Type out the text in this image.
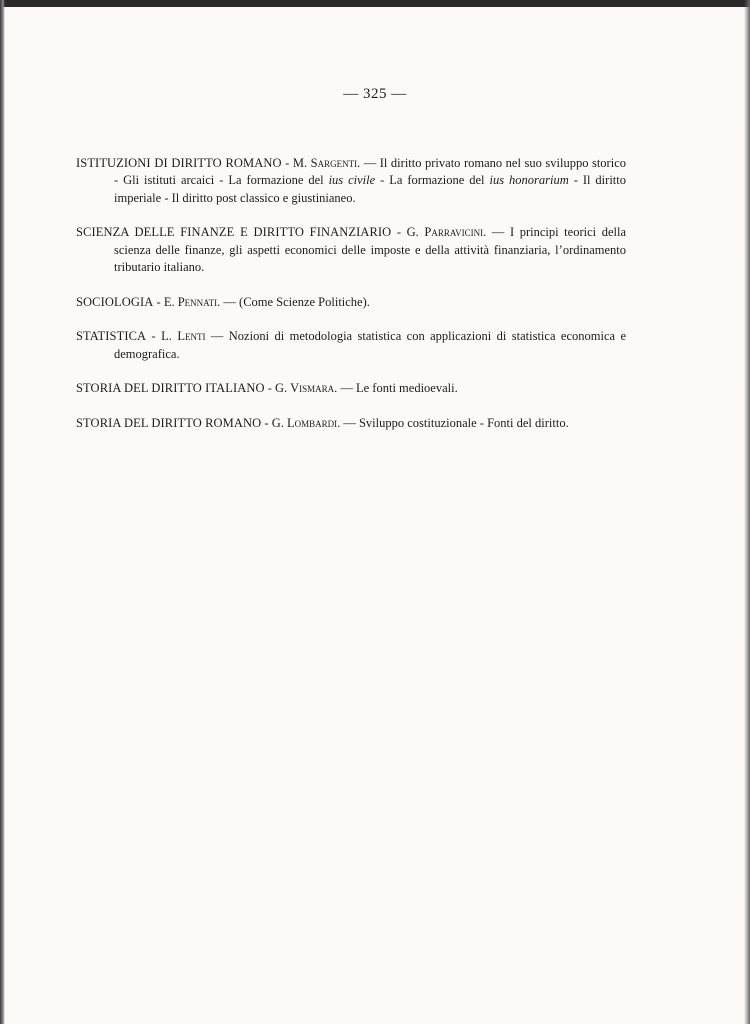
— 325 —

ISTITUZIONI DI DIRITTO ROMANO - M. Sargenti. — Il diritto privato romano nel suo sviluppo storico - Gli istituti arcaici - La formazione del ius civile - La formazione del ius honorarium - Il diritto imperiale - Il diritto post classico e giustinianeo.

SCIENZA DELLE FINANZE E DIRITTO FINANZIARIO - G. Parravicini. — I principi teorici della scienza delle finanze, gli aspetti economici delle imposte e della attività finanziaria, l’ordinamento tributario italiano.

SOCIOLOGIA - E. Pennati. — (Come Scienze Politiche).

STATISTICA - L. Lenti — Nozioni di metodologia statistica con applicazioni di statistica economica e demografica.

STORIA DEL DIRITTO ITALIANO - G. Vismara. — Le fonti medioevali.

STORIA DEL DIRITTO ROMANO - G. Lombardi. — Sviluppo costituzionale - Fonti del diritto.
